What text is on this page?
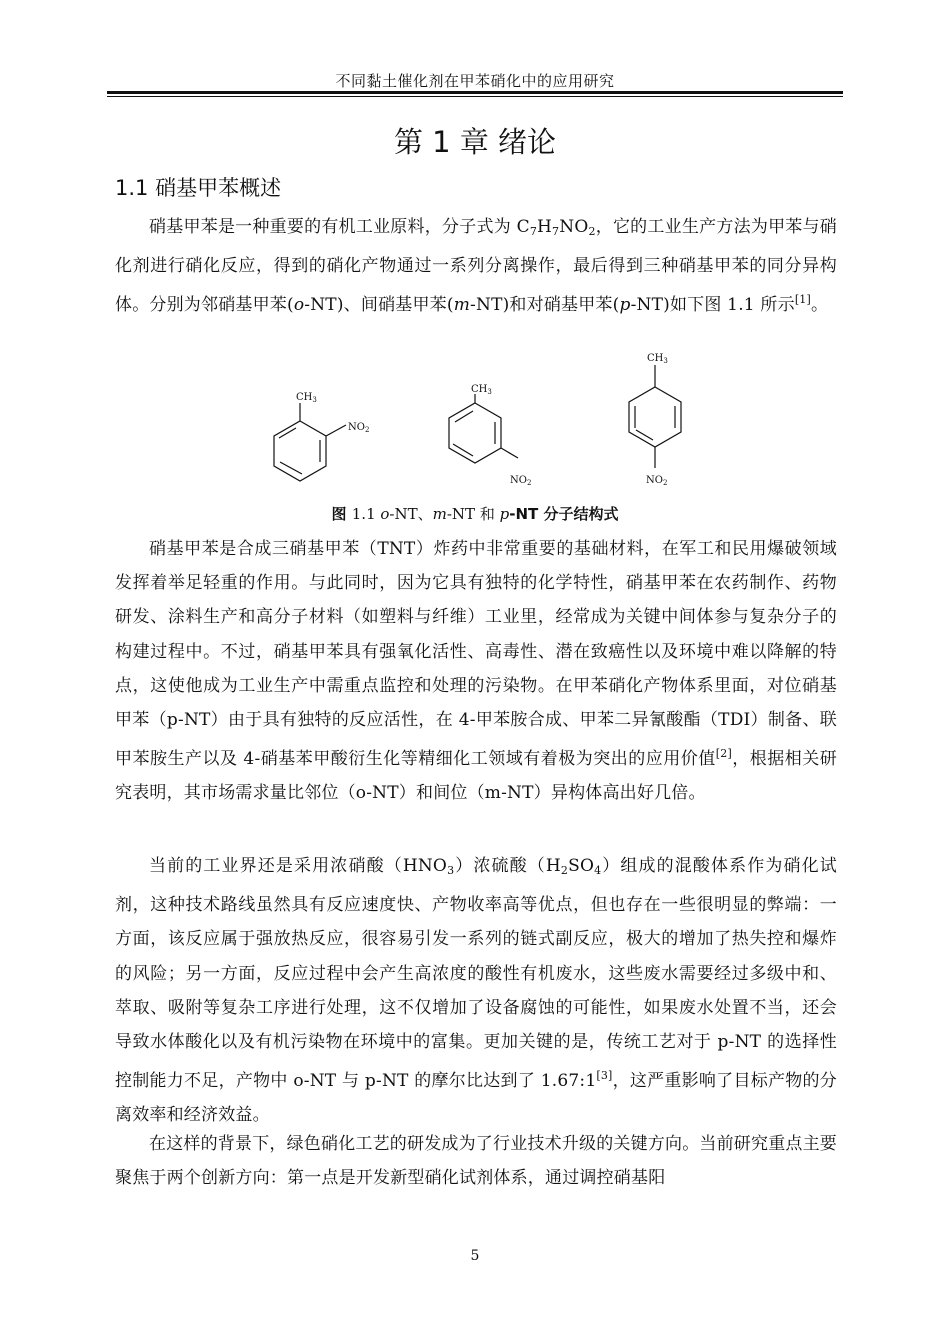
不同黏土催化剂在甲苯硝化中的应用研究
第 1 章 绪论
1.1 硝基甲苯概述

硝基甲苯是一种重要的有机工业原料，分子式为 $C_7H_7NO_2$，它的工业生产方法为甲苯与硝化剂进行硝化反应，得到的硝化产物通过一系列分离操作，最后得到三种硝基甲苯的同分异构体。分别为邻硝基甲苯(o-NT)、间硝基甲苯(m-NT)和对硝基甲苯(p-NT)如下图 1.1 所示[1]。

$CH_3$
$NO_2$
$CH_3$
$NO_2$
$CH_3$
$NO_2$
图 1.1 o-NT、m-NT 和 p-NT 分子结构式

硝基甲苯是合成三硝基甲苯（TNT）炸药中非常重要的基础材料，在军工和民用爆破领域发挥着举足轻重的作用。与此同时，因为它具有独特的化学特性，硝基甲苯在农药制作、药物研发、涂料生产和高分子材料（如塑料与纤维）工业里，经常成为关键中间体参与复杂分子的构建过程中。不过，硝基甲苯具有强氧化活性、高毒性、潜在致癌性以及环境中难以降解的特点，这使他成为工业生产中需重点监控和处理的污染物。在甲苯硝化产物体系里面，对位硝基甲苯（p-NT）由于具有独特的反应活性，在 4-甲苯胺合成、甲苯二异氰酸酯（TDI）制备、联甲苯胺生产以及 4-硝基苯甲酸衍生化等精细化工领域有着极为突出的应用价值[2]，根据相关研究表明，其市场需求量比邻位（o-NT）和间位（m-NT）异构体高出好几倍。

当前的工业界还是采用浓硝酸$(HNO_3)$浓硫酸$(H_2SO_4)$组成的混酸体系作为硝化试剂，这种技术路线虽然具有反应速度快、产物收率高等优点，但也存在一些很明显的弊端：一方面，该反应属于强放热反应，很容易引发一系列的链式副反应，极大的增加了热失控和爆炸的风险；另一方面，反应过程中会产生高浓度的酸性有机废水，这些废水需要经过多级中和、萃取、吸附等复杂工序进行处理，这不仅增加了设备腐蚀的可能性，如果废水处置不当，还会导致水体酸化以及有机污染物在环境中的富集。更加关键的是，传统工艺对于 p-NT 的选择性控制能力不足，产物中 o-NT 与 p-NT 的摩尔比达到了 1.67:1[3]，这严重影响了目标产物的分离效率和经济效益。

在这样的背景下，绿色硝化工艺的研发成为了行业技术升级的关键方向。当前研究重点主要聚焦于两个创新方向：第一点是开发新型硝化试剂体系，通过调控硝基阳

5
